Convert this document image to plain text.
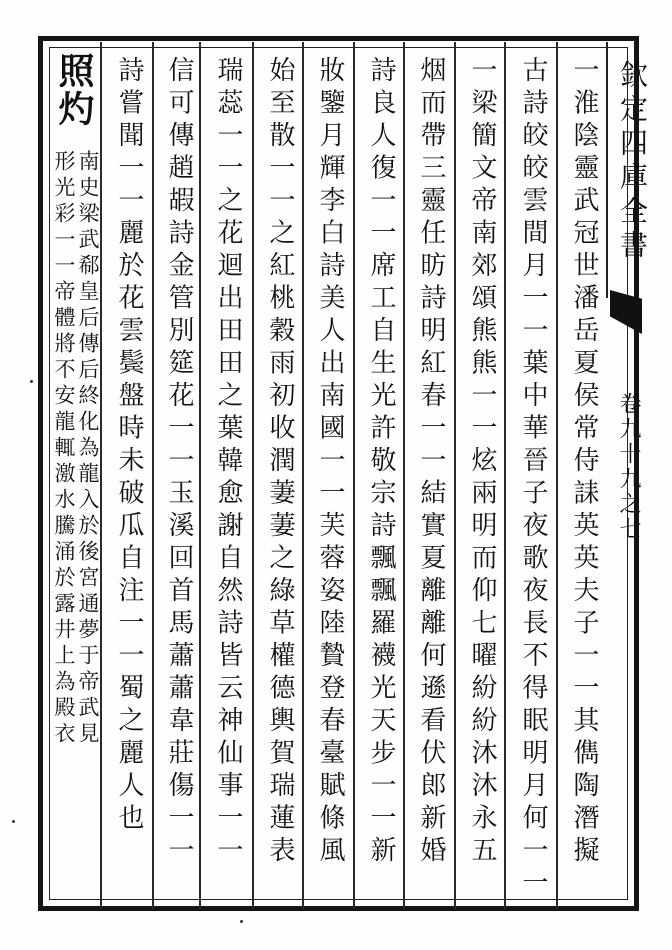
欽定四庫全書
卷九十九之七
一淮陰靈武冠世潘岳夏侯常侍誄英英夫子一一其儁陶潛擬
古詩皎皎雲間月一一葉中華晉子夜歌夜長不得眠明月何一一
一梁簡文帝南郊頌熊熊一一炫兩明而仰七曜紛紛沐沐永五
烟而帶三靈任昉詩明紅春一一結實夏離離何遜看伏郎新婚
詩良人復一一席工自生光許敬宗詩飄飄羅襪光天步一一新
妝鑒月輝李白詩美人出南國一一芙蓉姿陸贄登春臺賦條風
始至散一一之紅桃穀雨初收潤萋萋之綠草權德輿賀瑞蓮表
瑞蕊一一之花迴出田田之葉韓愈謝自然詩皆云神仙事一一
信可傳趙嘏詩金管別筵花一一玉溪回首馬蕭蕭韋莊傷一一
詩嘗聞一一麗於花雲鬓盤時未破瓜自注一一蜀之麗人也
照灼
南史梁武郗皇后傳后終化為龍入於後宮通夢于帝武見
形光彩一一帝體將不安龍輒激水騰涌於露井上為殿衣
